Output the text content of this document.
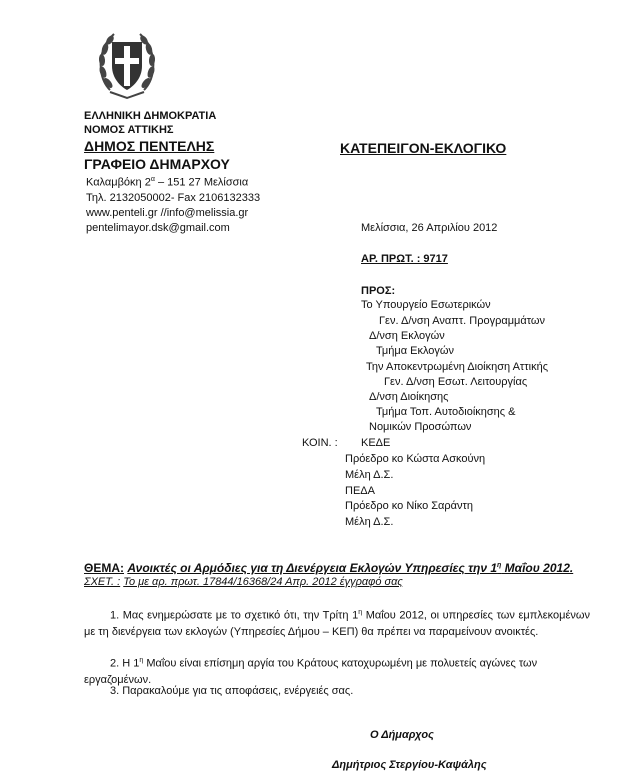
ΕΛΛΗΝΙΚΗ ΔΗΜΟΚΡΑΤΙΑ
ΝΟΜΟΣ ΑΤΤΙΚΗΣ
ΔΗΜΟΣ ΠΕΝΤΕΛΗΣ
ΓΡΑΦΕΙΟ ΔΗΜΑΡΧΟΥ
Καλαμβόκη $2^\alpha - 151$ 27 Μελίσσια
Τηλ. 2132050002- Fax 2106132333
www.penteli.gr //info@melissia.gr
pentelimayor.dsk@gmail.com
ΚΑΤΕΠΕΙΓΟΝ-ΕΚΛΟΓΙΚΟ
Μελίσσια, 26 Απριλίου 2012
ΑΡ. ΠΡΩΤ. : 9717
ΠΡΟΣ:
Το Υπουργείο Εσωτερικών
Γεν. Δ/νση Αναπτ. Προγραμμάτων
Δ/νση Εκλογών
Τμήμα Εκλογών
Την Αποκεντρωμένη Διοίκηση Αττικής
Γεν. Δ/νση Εσωτ. Λειτουργίας
Δ/νση Διοίκησης
Τμήμα Τοπ. Αυτοδιοίκησης &
Νομικών Προσώπων
ΚΟΙΝ. : ΚΕΔΕ
Πρόεδρο κο Κώστα Ασκούνη
Μέλη Δ.Σ.
ΠΕΔΑ
Πρόεδρο κο Νίκο Σαράντη
Μέλη Δ.Σ.
ΘΕΜΑ: Ανοικτές οι Αρμόδιες για τη Διενέργεια Εκλογών Υπηρεσίες την $1^\eta$ Μαΐου 2012.
ΣΧΕΤ. : Το με αρ. πρωτ. 17844/16368/24 Απρ. 2012 έγγραφό σας
1. Μας ενημερώσατε με το σχετικό ότι, την Τρίτη $1^\eta$ Μαΐου 2012, οι υπηρεσίες των εμπλεκομένων με τη διενέργεια των εκλογών (Υπηρεσίες Δήμου – ΚΕΠ) θα πρέπει να παραμείνουν ανοικτές.
2. Η $1^\eta$ Μαΐου είναι επίσημη αργία του Κράτους κατοχυρωμένη με πολυετείς αγώνες των εργαζομένων.
3. Παρακαλούμε για τις αποφάσεις, ενέργειές σας.
Ο Δήμαρχος
Δημήτριος Στεργίου-Καψάλης
